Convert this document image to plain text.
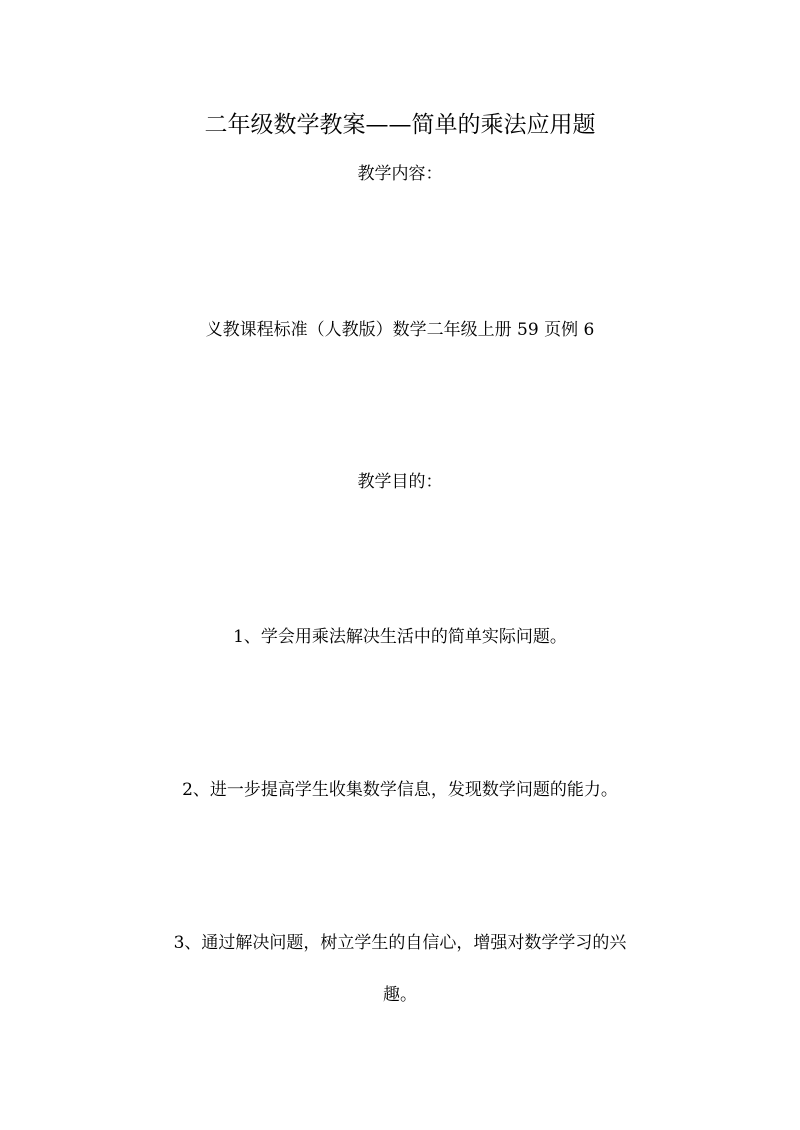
二年级数学教案——简单的乘法应用题
教学内容：
义教课程标准（人教版）数学二年级上册 59 页例 6
教学目的：
1、学会用乘法解决生活中的简单实际问题。
2、进一步提高学生收集数学信息，发现数学问题的能力。
3、通过解决问题，树立学生的自信心，增强对数学学习的兴
趣。
